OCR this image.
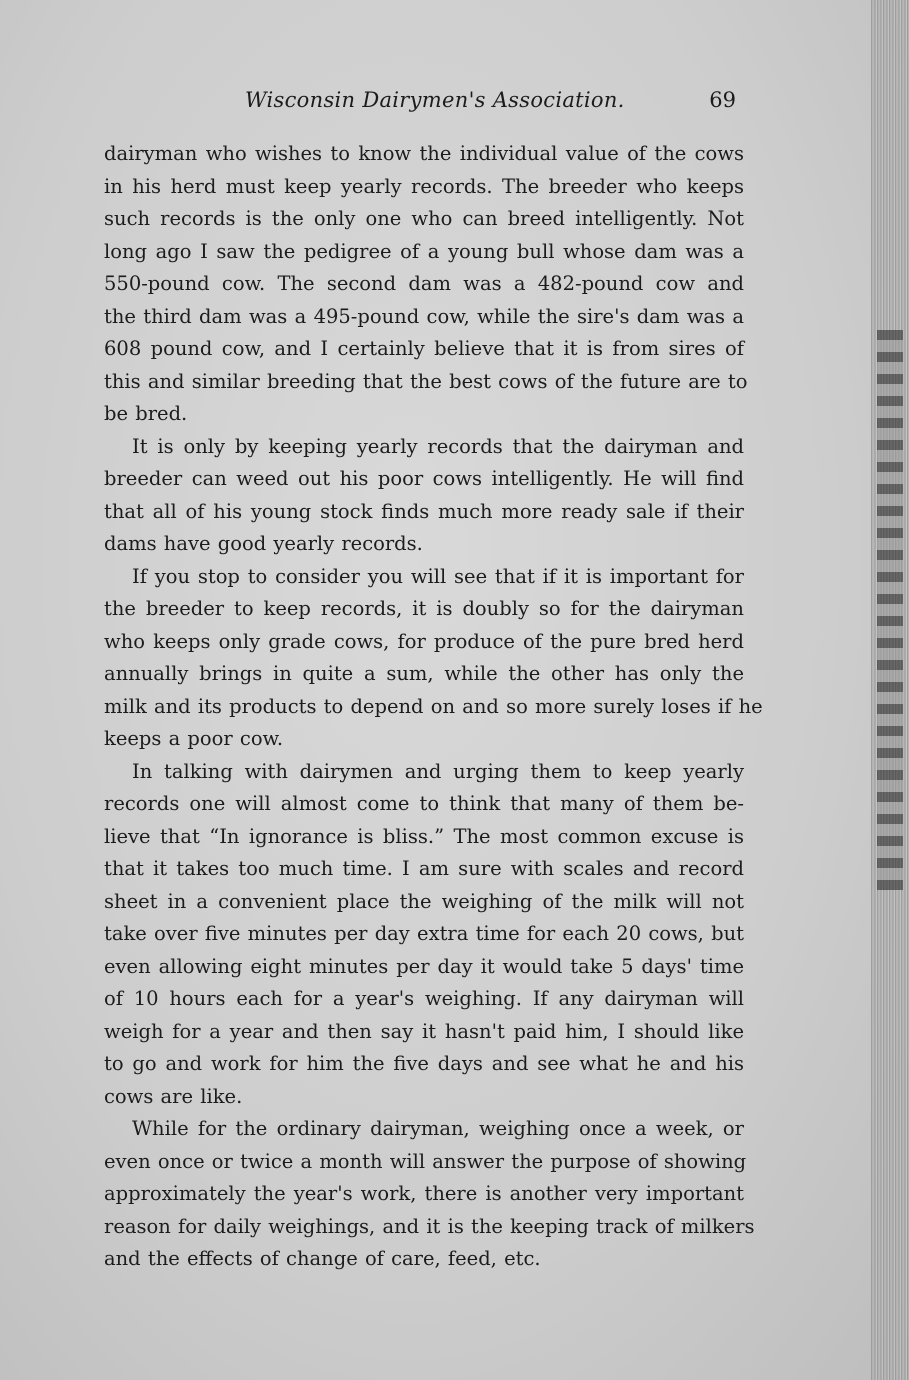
Wisconsin Dairymen's Association.	69
dairyman who wishes to know the individual value of the cows
in his herd must keep yearly records. The breeder who keeps
such records is the only one who can breed intelligently. Not
long ago I saw the pedigree of a young bull whose dam was a
550-pound cow. The second dam was a 482-pound cow and
the third dam was a 495-pound cow, while the sire's dam was a
608 pound cow, and I certainly believe that it is from sires of
this and similar breeding that the best cows of the future are to
be bred.
It is only by keeping yearly records that the dairyman and
breeder can weed out his poor cows intelligently. He will find
that all of his young stock finds much more ready sale if their
dams have good yearly records.
If you stop to consider you will see that if it is important for
the breeder to keep records, it is doubly so for the dairyman
who keeps only grade cows, for produce of the pure bred herd
annually brings in quite a sum, while the other has only the
milk and its products to depend on and so more surely loses if he
keeps a poor cow.
In talking with dairymen and urging them to keep yearly
records one will almost come to think that many of them be-
lieve that “In ignorance is bliss.” The most common excuse is
that it takes too much time. I am sure with scales and record
sheet in a convenient place the weighing of the milk will not
take over five minutes per day extra time for each 20 cows, but
even allowing eight minutes per day it would take 5 days' time
of 10 hours each for a year's weighing. If any dairyman will
weigh for a year and then say it hasn't paid him, I should like
to go and work for him the five days and see what he and his
cows are like.
While for the ordinary dairyman, weighing once a week, or
even once or twice a month will answer the purpose of showing
approximately the year's work, there is another very important
reason for daily weighings, and it is the keeping track of milkers
and the effects of change of care, feed, etc.
